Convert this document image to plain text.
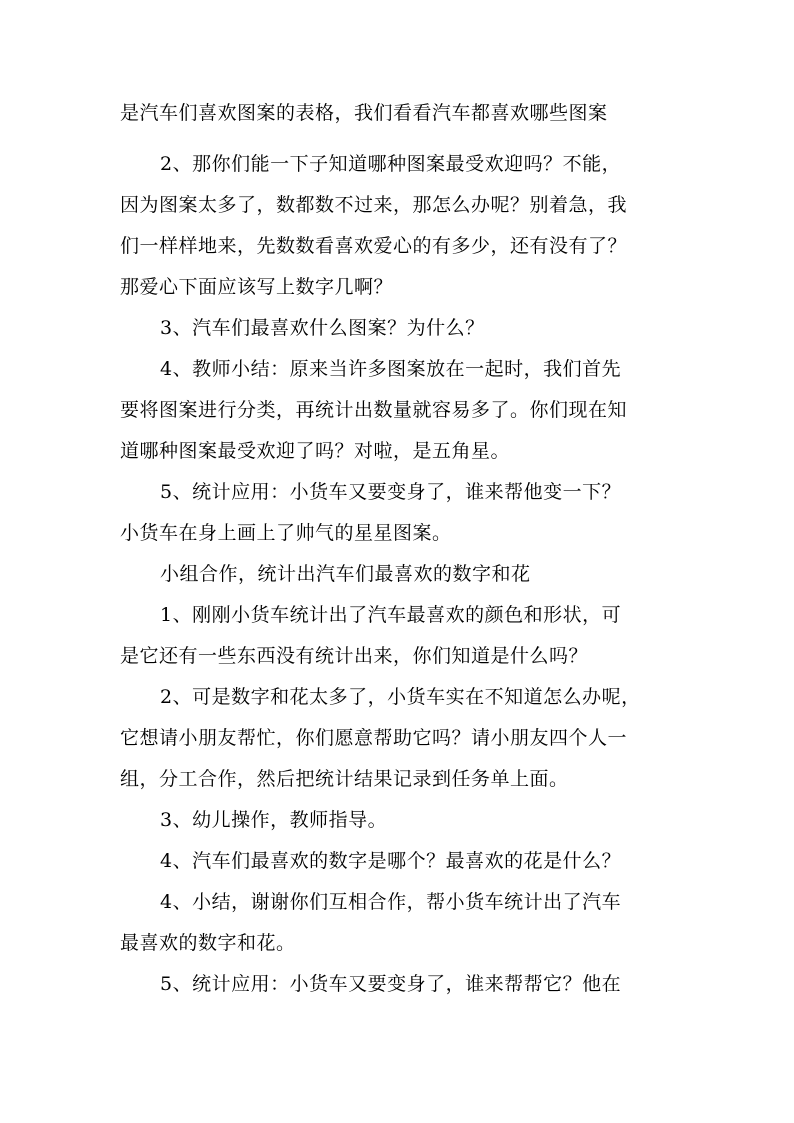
是汽车们喜欢图案的表格，我们看看汽车都喜欢哪些图案

2、那你们能一下子知道哪种图案最受欢迎吗？不能，
因为图案太多了，数都数不过来，那怎么办呢？别着急，我
们一样样地来，先数数看喜欢爱心的有多少，还有没有了？
那爱心下面应该写上数字几啊？

3、汽车们最喜欢什么图案？为什么？

4、教师小结：原来当许多图案放在一起时，我们首先
要将图案进行分类，再统计出数量就容易多了。你们现在知
道哪种图案最受欢迎了吗？对啦，是五角星。

5、统计应用：小货车又要变身了，谁来帮他变一下？
小货车在身上画上了帅气的星星图案。

小组合作，统计出汽车们最喜欢的数字和花

1、刚刚小货车统计出了汽车最喜欢的颜色和形状，可
是它还有一些东西没有统计出来，你们知道是什么吗？

2、可是数字和花太多了，小货车实在不知道怎么办呢，
它想请小朋友帮忙，你们愿意帮助它吗？请小朋友四个人一
组，分工合作，然后把统计结果记录到任务单上面。

3、幼儿操作，教师指导。

4、汽车们最喜欢的数字是哪个？最喜欢的花是什么？

4、小结，谢谢你们互相合作，帮小货车统计出了汽车
最喜欢的数字和花。

5、统计应用：小货车又要变身了，谁来帮帮它？他在
